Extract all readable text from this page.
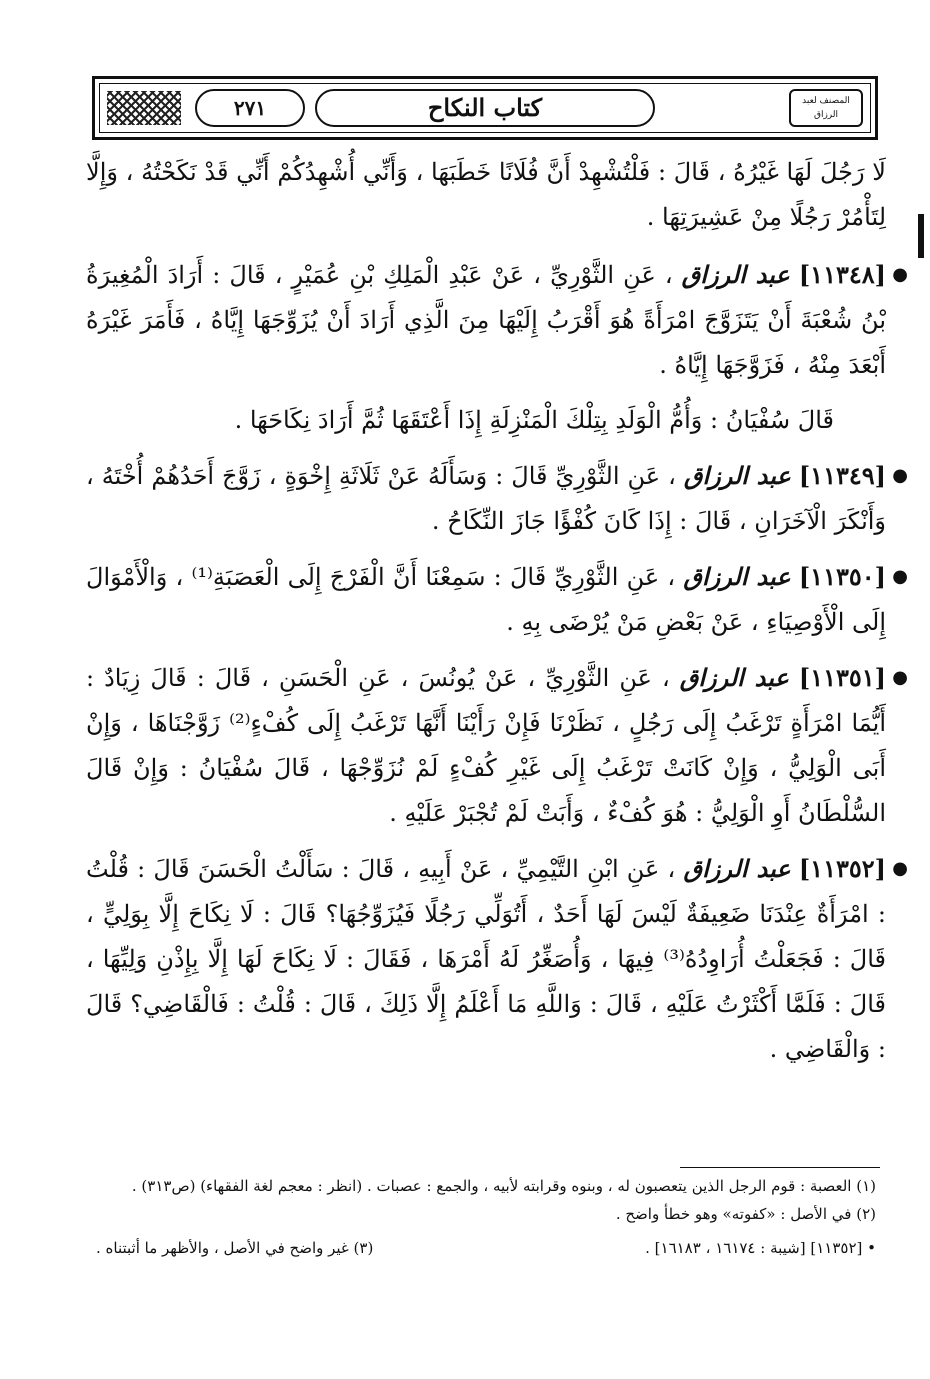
٢٧١	كتاب النكاح	المصنف لعبد الرزاق

لَا رَجُلَ لَهَا غَيْرُهُ ، قَالَ : فَلْتُشْهِدْ أَنَّ فُلَانًا خَطَبَهَا ، وَأَنِّي أُشْهِدُكُمْ أَنِّي قَدْ نَكَحْتُهُ ، وَإِلَّا لِتَأْمُرْ رَجُلًا مِنْ عَشِيرَتِهَا .

●
[١١٣٤٨] عبد الرزاق ، عَنِ الثَّوْرِيِّ ، عَنْ عَبْدِ الْمَلِكِ بْنِ عُمَيْرٍ ، قَالَ : أَرَادَ الْمُغِيرَةُ بْنُ شُعْبَةَ أَنْ يَتَزَوَّجَ امْرَأَةً هُوَ أَقْرَبُ إِلَيْهَا مِنَ الَّذِي أَرَادَ أَنْ يُزَوِّجَهَا إِيَّاهُ ، فَأَمَرَ غَيْرَهُ أَبْعَدَ مِنْهُ ، فَزَوَّجَهَا إِيَّاهُ .

قَالَ سُفْيَانُ : وَأُمُّ الْوَلَدِ بِتِلْكَ الْمَنْزِلَةِ إِذَا أَعْتَقَهَا ثُمَّ أَرَادَ نِكَاحَهَا .

●
[١١٣٤٩] عبد الرزاق ، عَنِ الثَّوْرِيِّ قَالَ : وَسَأَلَهُ عَنْ ثَلَاثَةِ إِخْوَةٍ ، زَوَّجَ أَحَدُهُمْ أُخْتَهُ ، وَأَنْكَرَ الْآخَرَانِ ، قَالَ : إِذَا كَانَ كُفْؤًا جَازَ النِّكَاحُ .

●
[١١٣٥٠] عبد الرزاق ، عَنِ الثَّوْرِيِّ قَالَ : سَمِعْنَا أَنَّ الْفَرْجَ إِلَى الْعَصَبَةِ⁽¹⁾ ، وَالْأَمْوَالَ إِلَى الْأَوْصِيَاءِ ، عَنْ بَعْضِ مَنْ يُرْضَى بِهِ .

●
[١١٣٥١] عبد الرزاق ، عَنِ الثَّوْرِيِّ ، عَنْ يُونُسَ ، عَنِ الْحَسَنِ ، قَالَ : قَالَ زِيَادٌ : أَيُّمَا امْرَأَةٍ تَرْغَبُ إِلَى رَجُلٍ ، نَظَرْنَا فَإِنْ رَأَيْنَا أَنَّهَا تَرْغَبُ إِلَى كُفْءٍ⁽²⁾ زَوَّجْنَاهَا ، وَإِنْ أَبَى الْوَلِيُّ ، وَإِنْ كَانَتْ تَرْغَبُ إِلَى غَيْرِ كُفْءٍ لَمْ نُزَوِّجْهَا ، قَالَ سُفْيَانُ : وَإِنْ قَالَ السُّلْطَانُ أَوِ الْوَلِيُّ : هُوَ كُفْءٌ ، وَأَبَتْ لَمْ تُجْبَرْ عَلَيْهِ .

●
[١١٣٥٢] عبد الرزاق ، عَنِ ابْنِ التَّيْمِيِّ ، عَنْ أَبِيهِ ، قَالَ : سَأَلْتُ الْحَسَنَ قَالَ : قُلْتُ : امْرَأَةٌ عِنْدَنَا ضَعِيفَةٌ لَيْسَ لَهَا أَحَدٌ ، أَتُوَلِّي رَجُلًا فَيُزَوِّجُهَا؟ قَالَ : لَا نِكَاحَ إِلَّا بِوَلِيٍّ ، قَالَ : فَجَعَلْتُ أُرَاوِدُهُ⁽³⁾ فِيهَا ، وَأُصَغِّرُ لَهُ أَمْرَهَا ، فَقَالَ : لَا نِكَاحَ لَهَا إِلَّا بِإِذْنِ وَلِيِّهَا ، قَالَ : فَلَمَّا أَكْثَرْتُ عَلَيْهِ ، قَالَ : وَاللَّهِ مَا أَعْلَمُ إِلَّا ذَلِكَ ، قَالَ : قُلْتُ : فَالْقَاضِي؟ قَالَ : وَالْقَاضِي .

(١) العصبة : قوم الرجل الذين يتعصبون له ، وبنوه وقرابته لأبيه ، والجمع : عصبات . (انظر : معجم لغة الفقهاء) (ص٣١٣) .

(٢) في الأصل : «كفوته» وهو خطأ واضح .

• [١١٣٥٢] [شيبة : ١٦١٧٤ ، ١٦١٨٣] .
(٣) غير واضح في الأصل ، والأظهر ما أثبتناه .
